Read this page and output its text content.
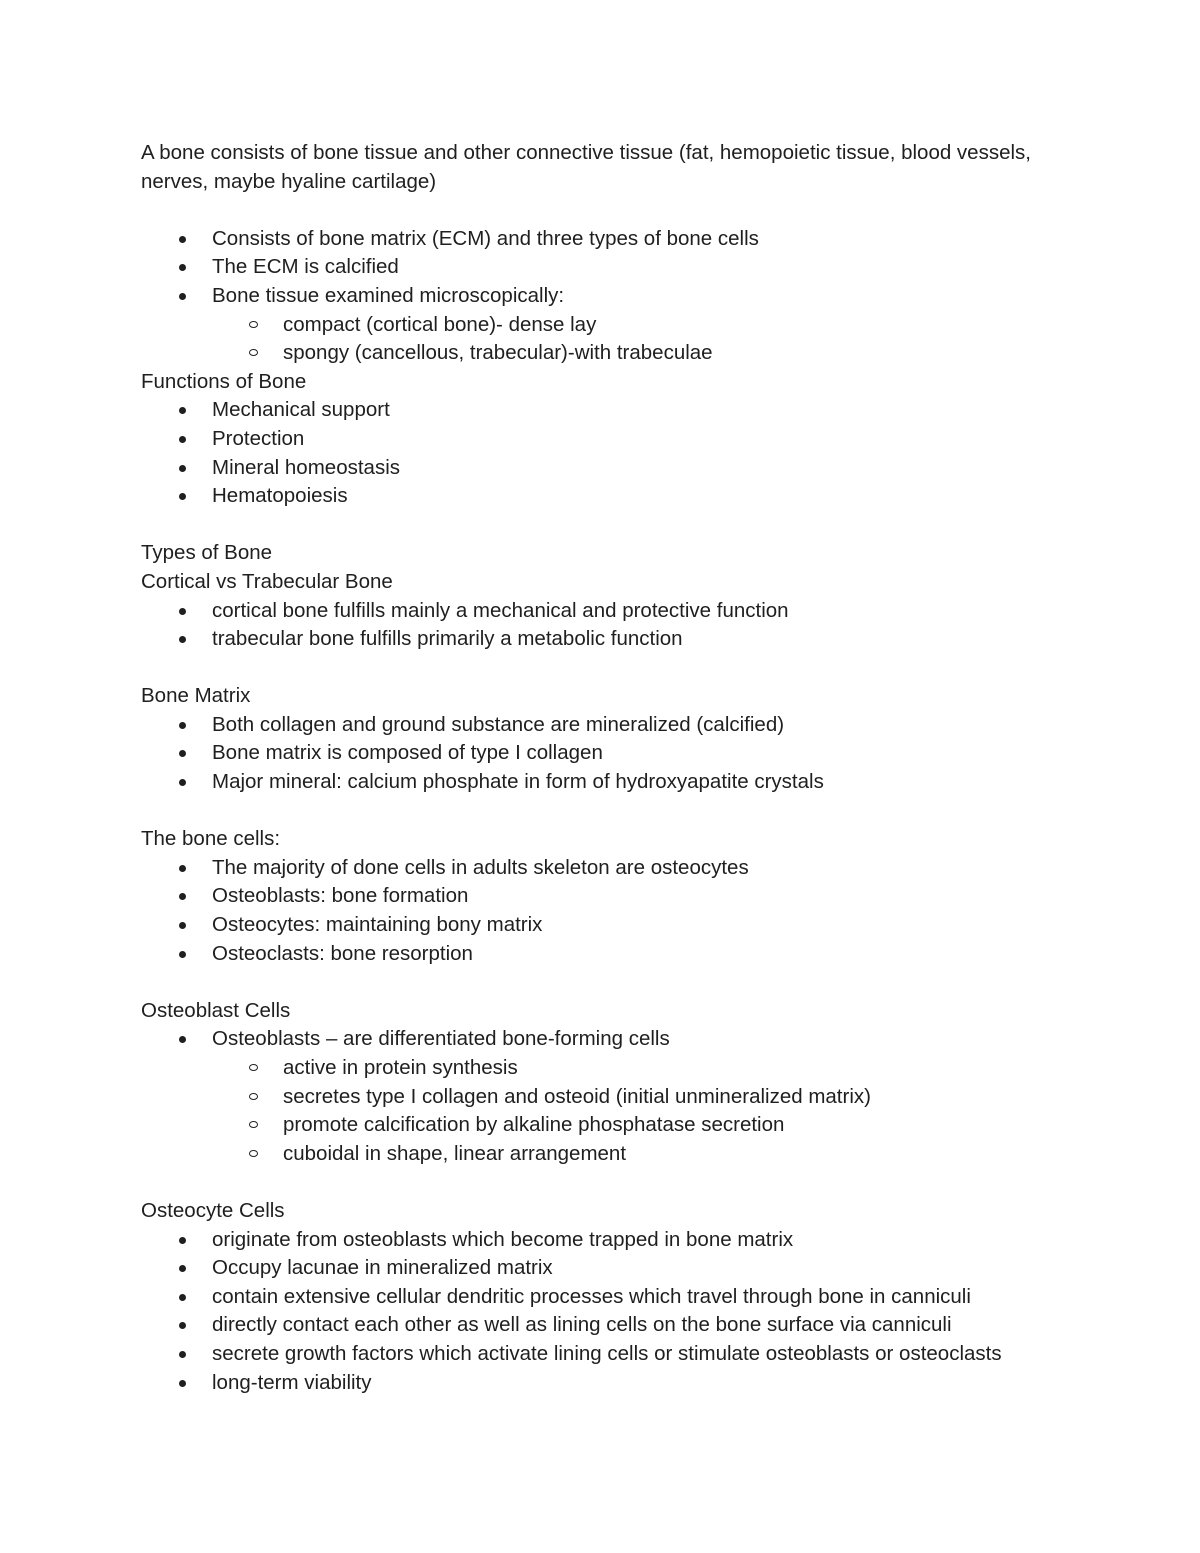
A bone consists of bone tissue and other connective tissue (fat, hemopoietic tissue, blood vessels, nerves, maybe hyaline cartilage)
Consists of bone matrix (ECM) and three types of bone cells
The ECM is calcified
Bone tissue examined microscopically:
compact (cortical bone)- dense lay
spongy (cancellous, trabecular)-with trabeculae
Functions of Bone
Mechanical support
Protection
Mineral homeostasis
Hematopoiesis
Types of Bone
Cortical vs Trabecular Bone
cortical bone fulfills mainly a mechanical and protective function
trabecular bone fulfills primarily a metabolic function
Bone Matrix
Both collagen and ground substance are mineralized (calcified)
Bone matrix is composed of type I collagen
Major mineral: calcium phosphate in form of hydroxyapatite crystals
The bone cells:
The majority of done cells in adults skeleton are osteocytes
Osteoblasts: bone formation
Osteocytes: maintaining bony matrix
Osteoclasts: bone resorption
Osteoblast Cells
Osteoblasts – are differentiated bone-forming cells
active in protein synthesis
secretes type I collagen and osteoid (initial unmineralized matrix)
promote calcification by alkaline phosphatase secretion
cuboidal in shape, linear arrangement
Osteocyte Cells
originate from osteoblasts which become trapped in bone matrix
Occupy lacunae in mineralized matrix
contain extensive cellular dendritic processes which travel through bone in canniculi
directly contact each other as well as lining cells on the bone surface via canniculi
secrete growth factors which activate lining cells or stimulate osteoblasts or osteoclasts
long-term viability
